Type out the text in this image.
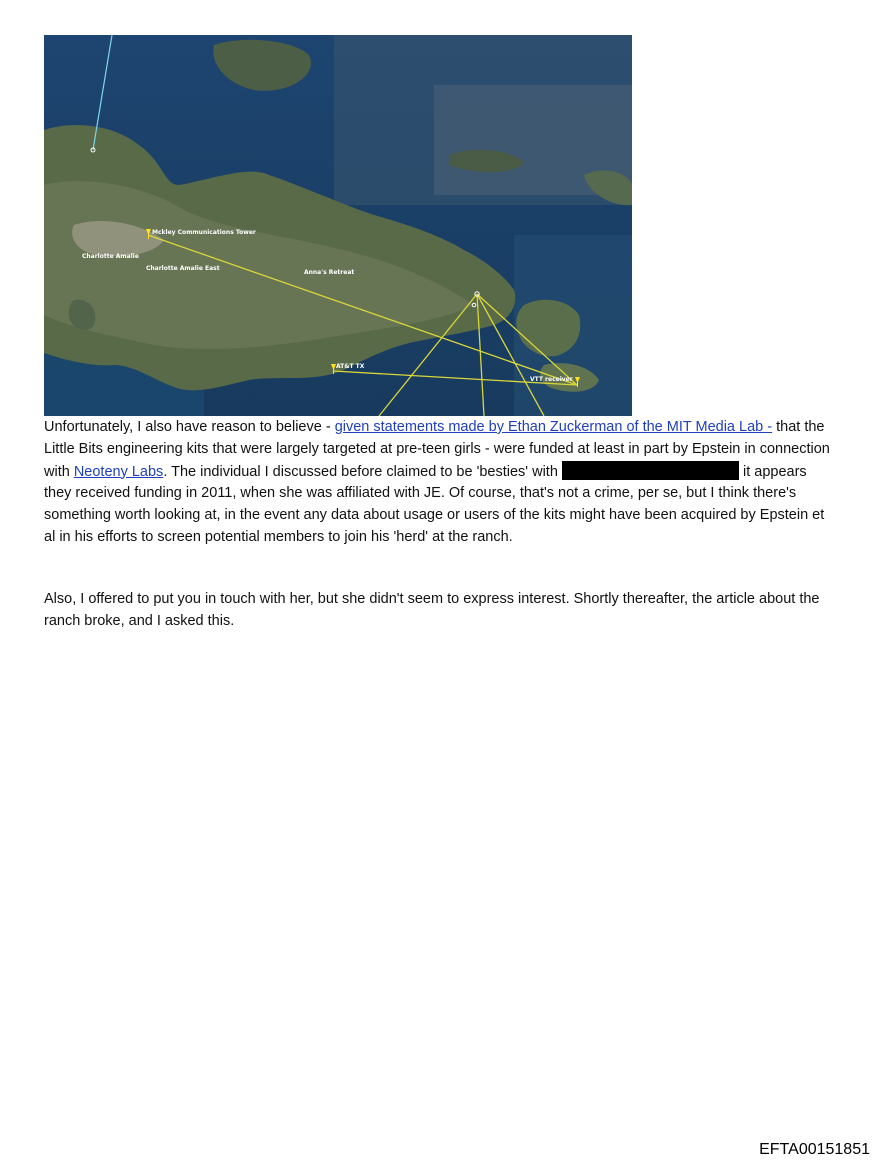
Mckley Communications Tower
Charlotte Amalie
Charlotte Amalie East
Anna's Retreat
AT&T TX
VTT receiver

Unfortunately, I also have reason to believe - given statements made by Ethan Zuckerman of the MIT Media Lab - that the Little Bits engineering kits that were largely targeted at pre-teen girls - were funded at least in part by Epstein in connection with Neoteny Labs. The individual I discussed before claimed to be 'besties' with	it appears they received funding in 2011, when she was affiliated with JE. Of course, that's not a crime, per se, but I think there's something worth looking at, in the event any data about usage or users of the kits might have been acquired by Epstein et al in his efforts to screen potential members to join his 'herd' at the ranch.

Also, I offered to put you in touch with her, but she didn't seem to express interest. Shortly thereafter, the article about the ranch broke, and I asked this.

EFTA00151851
